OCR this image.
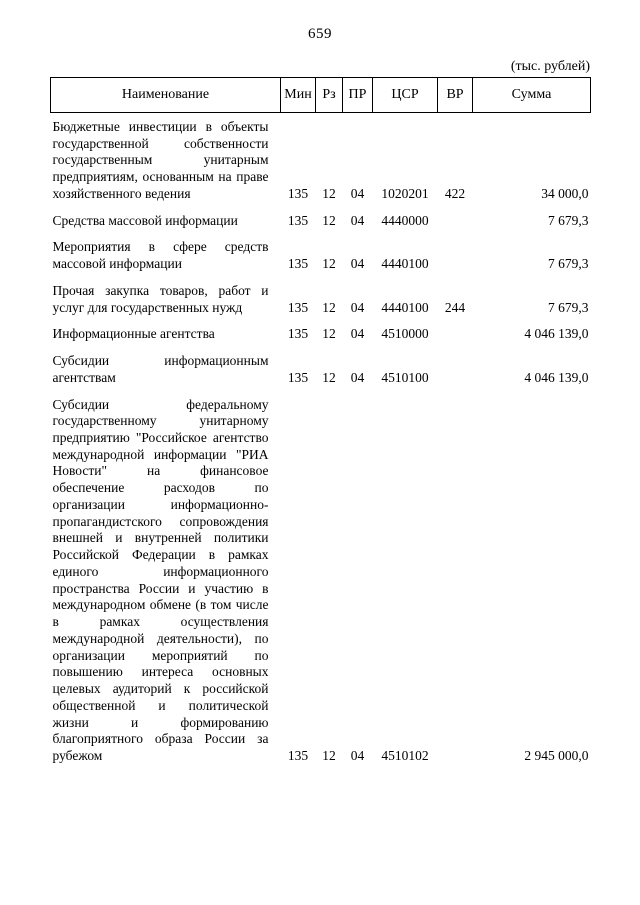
659
(тыс. рублей)
Наименование	Мин	Рз	ПР	ЦСР	ВР	Сумма
Бюджетные инвестиции в объекты государственной собственности государственным унитарным предприятиям, основанным на праве хозяйственного ведения	135	12	04	1020201	422	34 000,0
Средства массовой информации	135	12	04	4440000		7 679,3
Мероприятия в сфере средств массовой информации	135	12	04	4440100		7 679,3
Прочая закупка товаров, работ и услуг для государственных нужд	135	12	04	4440100	244	7 679,3
Информационные агентства	135	12	04	4510000		4 046 139,0
Субсидии информационным агентствам	135	12	04	4510100		4 046 139,0
Субсидии федеральному государственному унитарному предприятию "Российское агентство международной информации "РИА Новости" на финансовое обеспечение расходов по организации информационно-пропагандистского сопровождения внешней и внутренней политики Российской Федерации в рамках единого информационного пространства России и участию в международном обмене (в том числе в рамках осуществления международной деятельности), по организации мероприятий по повышению интереса основных целевых аудиторий к российской общественной и политической жизни и формированию благоприятного образа России за рубежом	135	12	04	4510102		2 945 000,0
